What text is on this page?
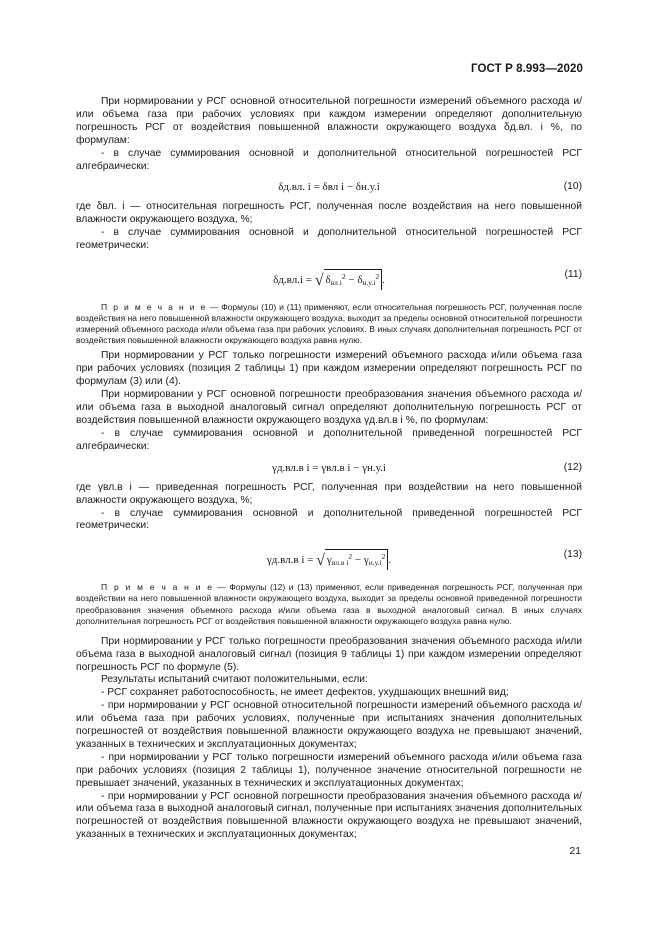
ГОСТ Р 8.993—2020

При нормировании у РСГ основной относительной погрешности измерений объемного расхода и/или объема газа при рабочих условиях при каждом измерении определяют дополнительную погрешность РСГ от воздействия повышенной влажности окружающего воздуха δд.вл. i %, по формулам:

- в случае суммирования основной и дополнительной относительной погрешностей РСГ алгебраически:

δд.вл. i = δвл i − δн.у.i	(10)

где δвл. i — относительная погрешность РСГ, полученная после воздействия на него повышенной влажности окружающего воздуха, %;

- в случае суммирования основной и дополнительной относительной погрешностей РСГ геометрически:

δд.вл.i = √ $\delta_{вл i}^2 - \delta_{н.у.i}^2$ .	(11)

П р и м е ч а н и е — Формулы (10) и (11) применяют, если относительная погрешность РСГ, полученная после воздействия на него повышенной влажности окружающего воздуха, выходит за пределы основной относительной погрешности измерений объемного расхода и/или объема газа при рабочих условиях. В иных случаях дополнительная погрешность РСГ от воздействия повышенной влажности окружающего воздуха равна нулю.

При нормировании у РСГ только погрешности измерений объемного расхода и/или объема газа при рабочих условиях (позиция 2 таблицы 1) при каждом измерении определяют погрешность РСГ по формулам (3) или (4).

При нормировании у РСГ основной погрешности преобразования значения объемного расхода и/или объема газа в выходной аналоговый сигнал определяют дополнительную погрешность РСГ от воздействия повышенной влажности окружающего воздуха γд.вл.в i %, по формулам:

- в случае суммирования основной и дополнительной приведенной погрешностей РСГ алгебраически:

γд.вл.в i = γвл.в i − γн.у.i	(12)

где γвл.в i — приведенная погрешность РСГ, полученная при воздействии на него повышенной влажности окружающего воздуха, %;

- в случае суммирования основной и дополнительной приведенной погрешностей РСГ геометрически:

γд.вл.в i = √ $\gamma_{вл.в i}^2 - \gamma_{н.у.i}^2$ .	(13)

П р и м е ч а н и е — Формулы (12) и (13) применяют, если приведенная погрешность РСГ, полученная при воздействии на него повышенной влажности окружающего воздуха, выходит за пределы основной приведенной погрешности преобразования значения объемного расхода и/или объема газа в выходной аналоговый сигнал. В иных случаях дополнительная погрешность РСГ от воздействия повышенной влажности окружающего воздуха равна нулю.

При нормировании у РСГ только погрешности преобразования значения объемного расхода и/или объема газа в выходной аналоговый сигнал (позиция 9 таблицы 1) при каждом измерении определяют погрешность РСГ по формуле (5).

Результаты испытаний считают положительными, если:

- РСГ сохраняет работоспособность, не имеет дефектов, ухудшающих внешний вид;

- при нормировании у РСГ основной относительной погрешности измерений объемного расхода и/или объема газа при рабочих условиях, полученные при испытаниях значения дополнительных погрешностей от воздействия повышенной влажности окружающего воздуха не превышают значений, указанных в технических и эксплуатационных документах;

- при нормировании у РСГ только погрешности измерений объемного расхода и/или объема газа при рабочих условиях (позиция 2 таблицы 1), полученное значение относительной погрешности не превышает значений, указанных в технических и эксплуатационных документах;

- при нормировании у РСГ основной погрешности преобразования значения объемного расхода и/или объема газа в выходной аналоговый сигнал, полученные при испытаниях значения дополнительных погрешностей от воздействия повышенной влажности окружающего воздуха не превышают значений, указанных в технических и эксплуатационных документах;

21
